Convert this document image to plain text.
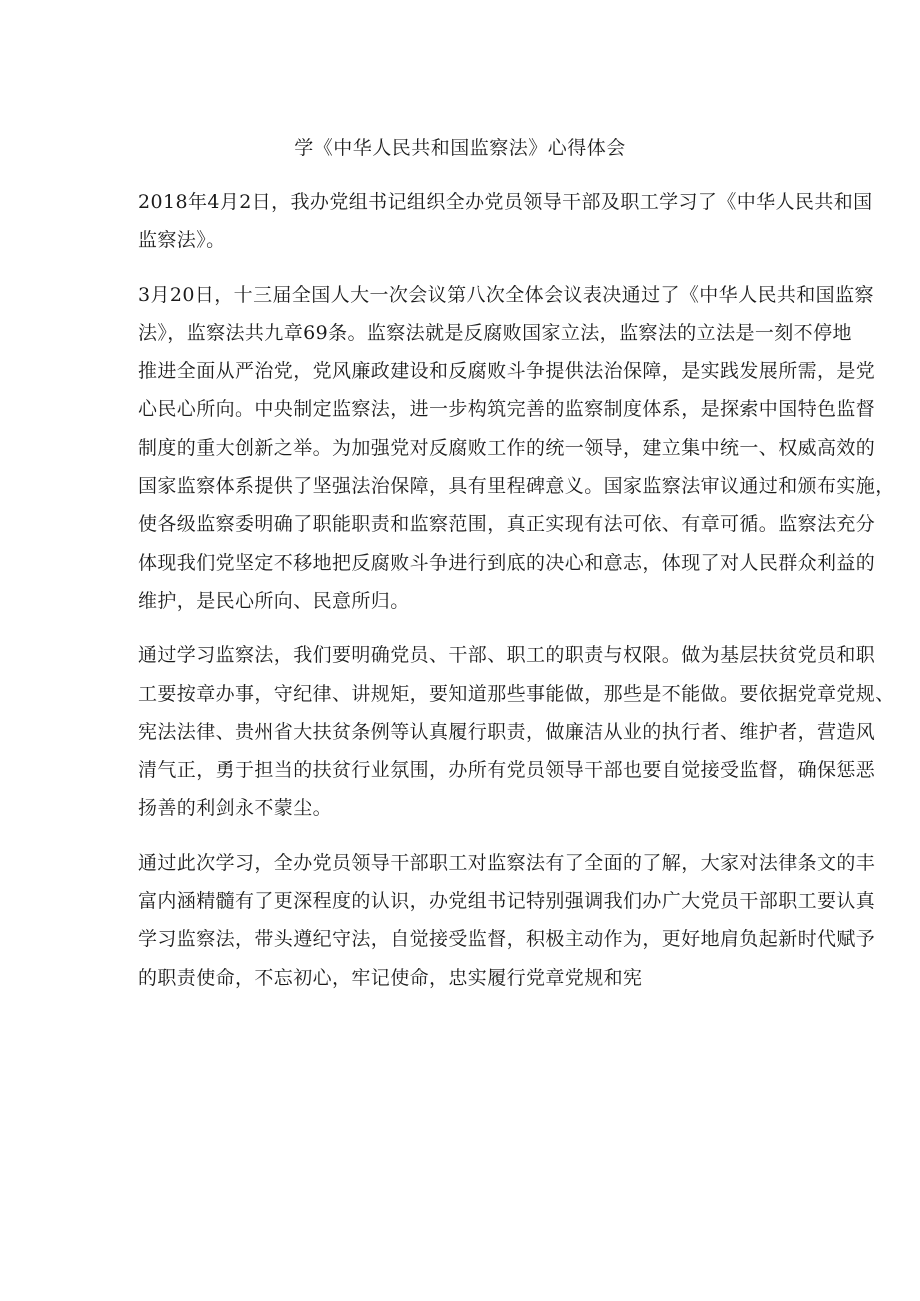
学《中华人民共和国监察法》心得体会

2018年4月2日，我办党组书记组织全办党员领导干部及职工学习了《中华人民共和国
监察法》。

3月20日，十三届全国人大一次会议第八次全体会议表决通过了《中华人民共和国监察
法》，监察法共九章69条。监察法就是反腐败国家立法，监察法的立法是一刻不停地
推进全面从严治党，党风廉政建设和反腐败斗争提供法治保障，是实践发展所需，是党
心民心所向。中央制定监察法，进一步构筑完善的监察制度体系，是探索中国特色监督
制度的重大创新之举。为加强党对反腐败工作的统一领导，建立集中统一、权威高效的
国家监察体系提供了坚强法治保障，具有里程碑意义。国家监察法审议通过和颁布实施，
使各级监察委明确了职能职责和监察范围，真正实现有法可依、有章可循。监察法充分
体现我们党坚定不移地把反腐败斗争进行到底的决心和意志，体现了对人民群众利益的
维护，是民心所向、民意所归。

通过学习监察法，我们要明确党员、干部、职工的职责与权限。做为基层扶贫党员和职
工要按章办事，守纪律、讲规矩，要知道那些事能做，那些是不能做。要依据党章党规、
宪法法律、贵州省大扶贫条例等认真履行职责，做廉洁从业的执行者、维护者，营造风
清气正，勇于担当的扶贫行业氛围，办所有党员领导干部也要自觉接受监督，确保惩恶
扬善的利剑永不蒙尘。

通过此次学习，全办党员领导干部职工对监察法有了全面的了解，大家对法律条文的丰
富内涵精髓有了更深程度的认识，办党组书记特别强调我们办广大党员干部职工要认真
学习监察法，带头遵纪守法，自觉接受监督，积极主动作为，更好地肩负起新时代赋予
的职责使命，不忘初心，牢记使命，忠实履行党章党规和宪
